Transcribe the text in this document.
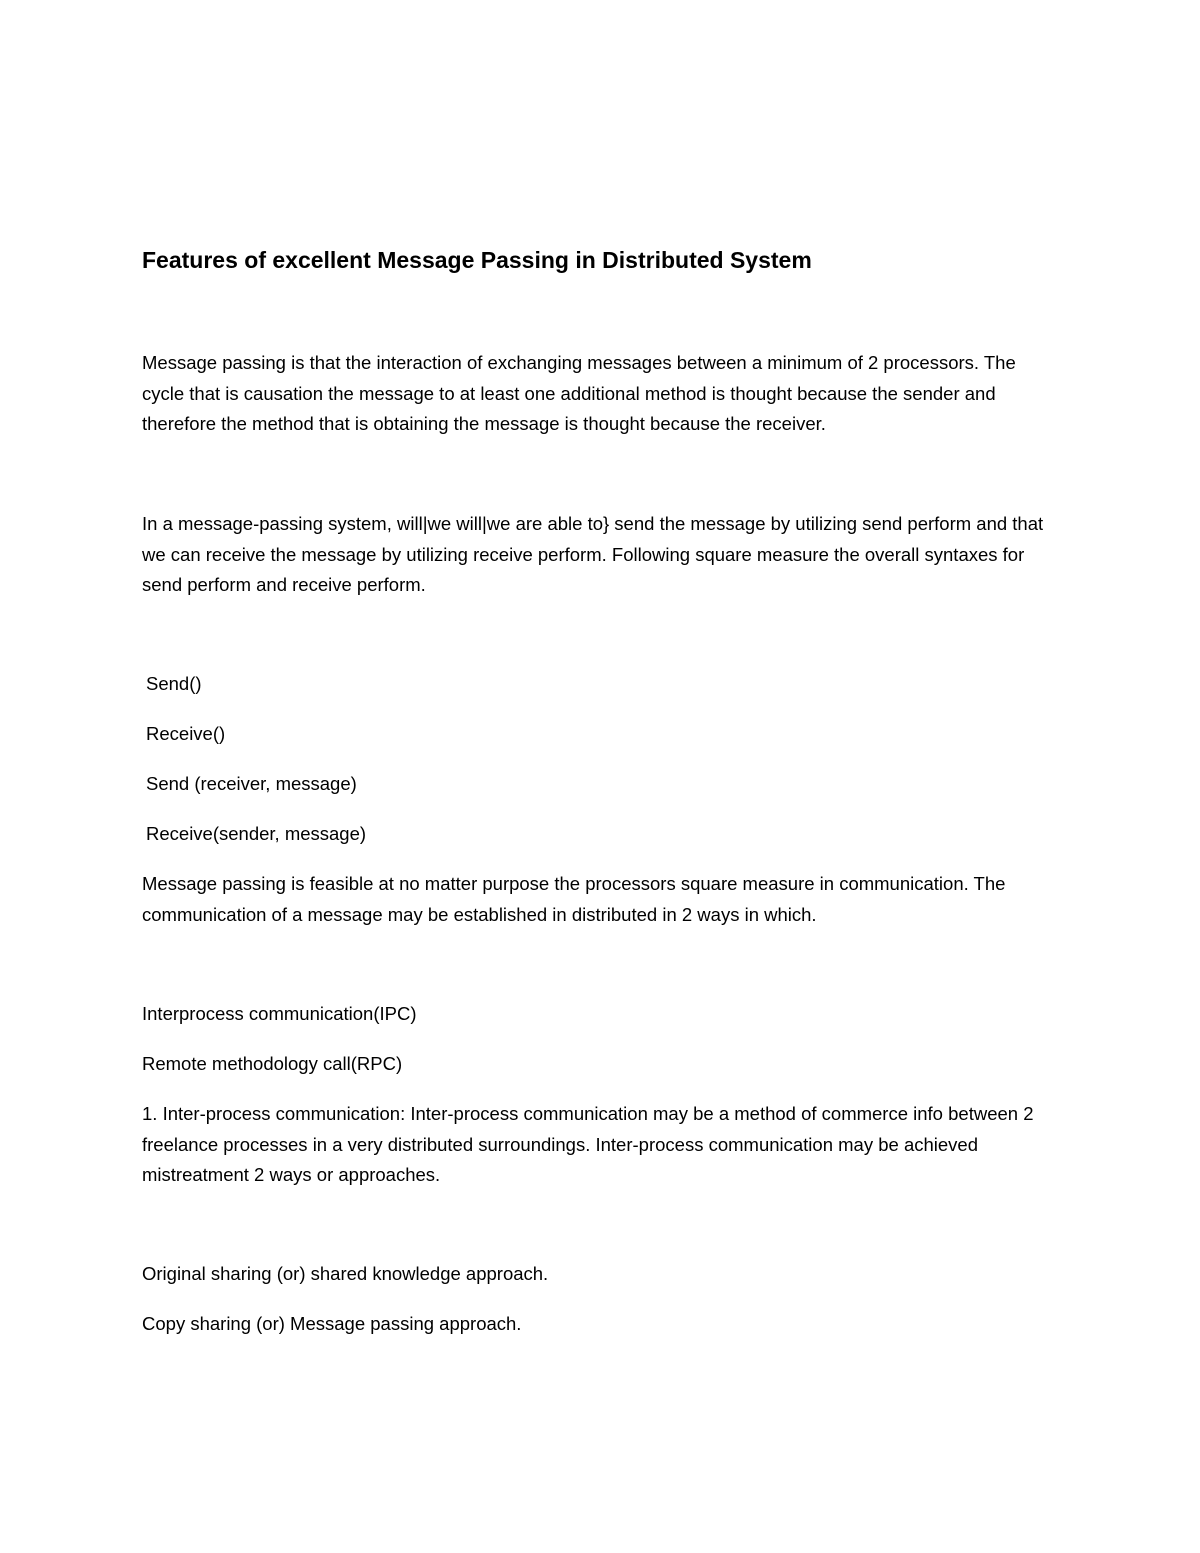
Features of excellent Message Passing in Distributed System

Message passing is that the interaction of exchanging messages between a minimum of 2 processors. The cycle that is causation the message to at least one additional method is thought because the sender and therefore the method that is obtaining the message is thought because the receiver.

In a message-passing system, will|we will|we are able to} send the message by utilizing send perform and that we can receive the message by utilizing receive perform. Following square measure the overall syntaxes for send perform and receive perform.

Send()
Receive()
Send (receiver, message)
Receive(sender, message)

Message passing is feasible at no matter purpose the processors square measure in communication. The communication of a message may be established in distributed in 2 ways in which.

Interprocess communication(IPC)
Remote methodology call(RPC)

1. Inter-process communication: Inter-process communication may be a method of commerce info between 2 freelance processes in a very distributed surroundings. Inter-process communication may be achieved mistreatment 2 ways or approaches.

Original sharing (or) shared knowledge approach.
Copy sharing (or) Message passing approach.
